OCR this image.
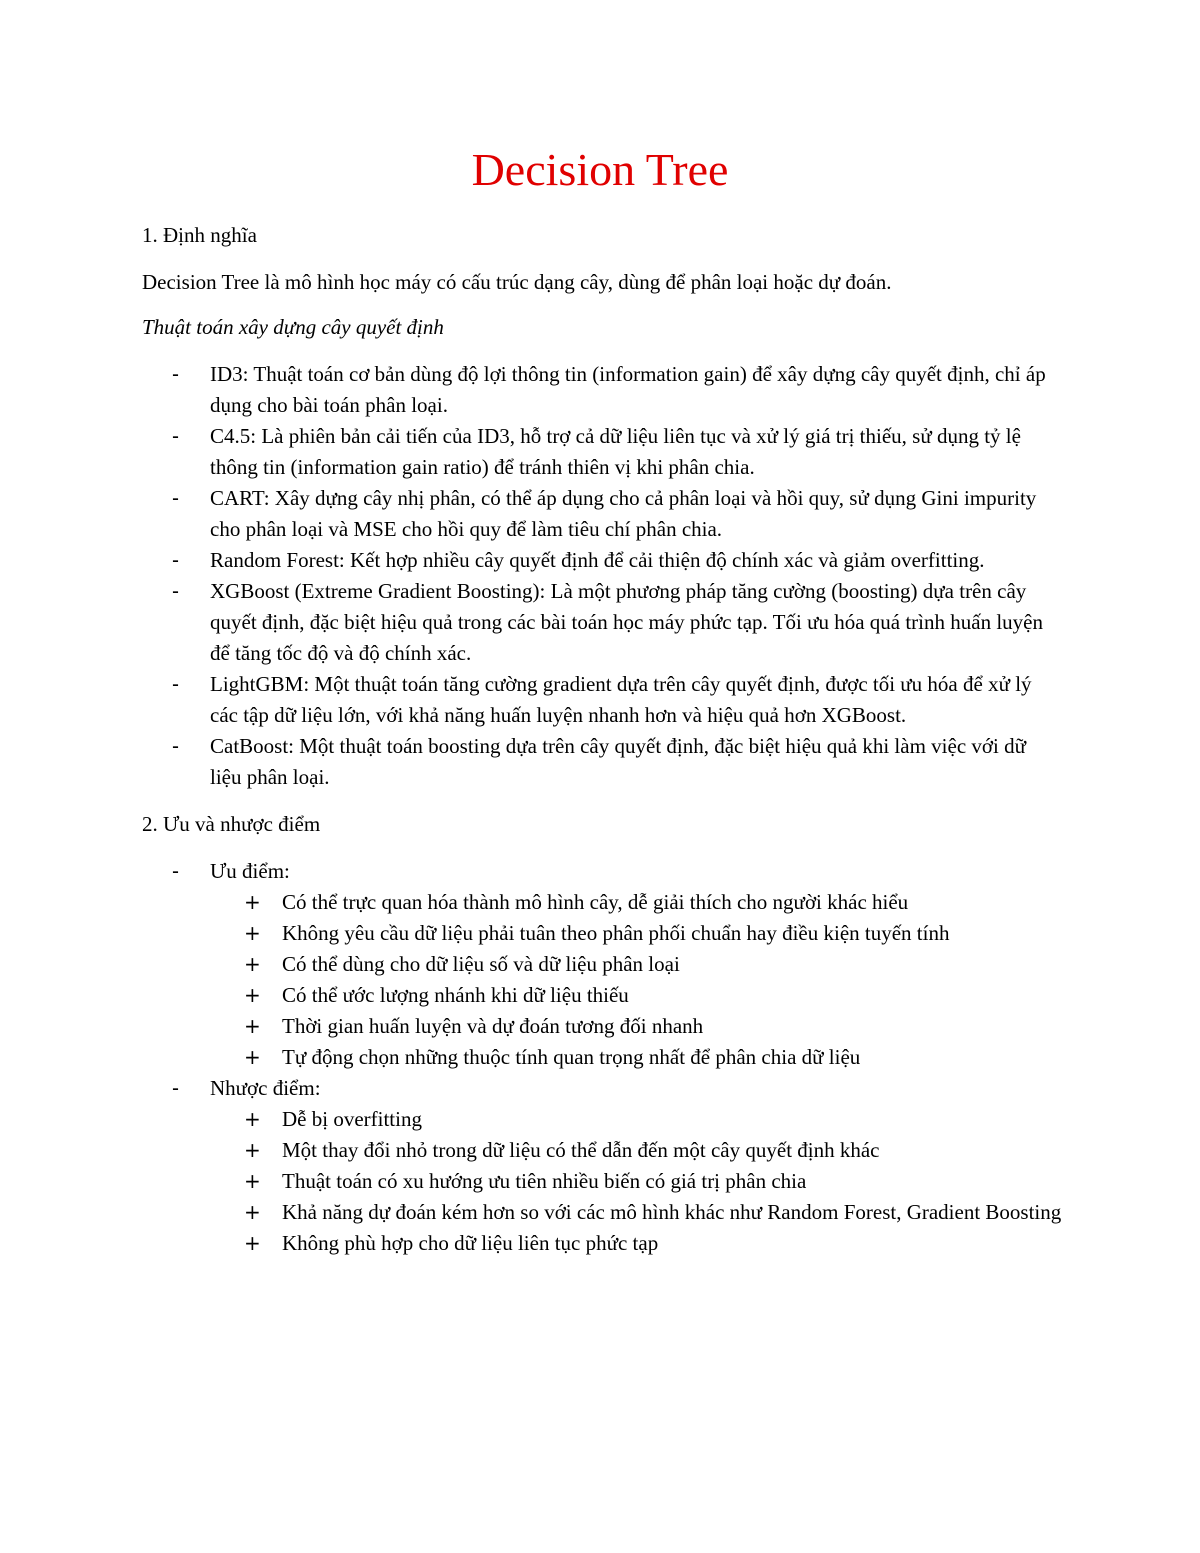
Decision Tree

1. Định nghĩa

Decision Tree là mô hình học máy có cấu trúc dạng cây, dùng để phân loại hoặc dự đoán.

Thuật toán xây dựng cây quyết định

-	ID3: Thuật toán cơ bản dùng độ lợi thông tin (information gain) để xây dựng cây quyết định, chỉ áp dụng cho bài toán phân loại.
-	C4.5: Là phiên bản cải tiến của ID3, hỗ trợ cả dữ liệu liên tục và xử lý giá trị thiếu, sử dụng tỷ lệ thông tin (information gain ratio) để tránh thiên vị khi phân chia.
-	CART: Xây dựng cây nhị phân, có thể áp dụng cho cả phân loại và hồi quy, sử dụng Gini impurity cho phân loại và MSE cho hồi quy để làm tiêu chí phân chia.
-	Random Forest: Kết hợp nhiều cây quyết định để cải thiện độ chính xác và giảm overfitting.
-	XGBoost (Extreme Gradient Boosting): Là một phương pháp tăng cường (boosting) dựa trên cây quyết định, đặc biệt hiệu quả trong các bài toán học máy phức tạp. Tối ưu hóa quá trình huấn luyện để tăng tốc độ và độ chính xác.
-	LightGBM: Một thuật toán tăng cường gradient dựa trên cây quyết định, được tối ưu hóa để xử lý các tập dữ liệu lớn, với khả năng huấn luyện nhanh hơn và hiệu quả hơn XGBoost.
-	CatBoost: Một thuật toán boosting dựa trên cây quyết định, đặc biệt hiệu quả khi làm việc với dữ liệu phân loại.

2. Ưu và nhược điểm

-	Ưu điểm:
+	Có thể trực quan hóa thành mô hình cây, dễ giải thích cho người khác hiểu
+	Không yêu cầu dữ liệu phải tuân theo phân phối chuẩn hay điều kiện tuyến tính
+	Có thể dùng cho dữ liệu số và dữ liệu phân loại
+	Có thể ước lượng nhánh khi dữ liệu thiếu
+	Thời gian huấn luyện và dự đoán tương đối nhanh
+	Tự động chọn những thuộc tính quan trọng nhất để phân chia dữ liệu
-	Nhược điểm:
+	Dễ bị overfitting
+	Một thay đổi nhỏ trong dữ liệu có thể dẫn đến một cây quyết định khác
+	Thuật toán có xu hướng ưu tiên nhiều biến có giá trị phân chia
+	Khả năng dự đoán kém hơn so với các mô hình khác như Random Forest, Gradient Boosting
+	Không phù hợp cho dữ liệu liên tục phức tạp
